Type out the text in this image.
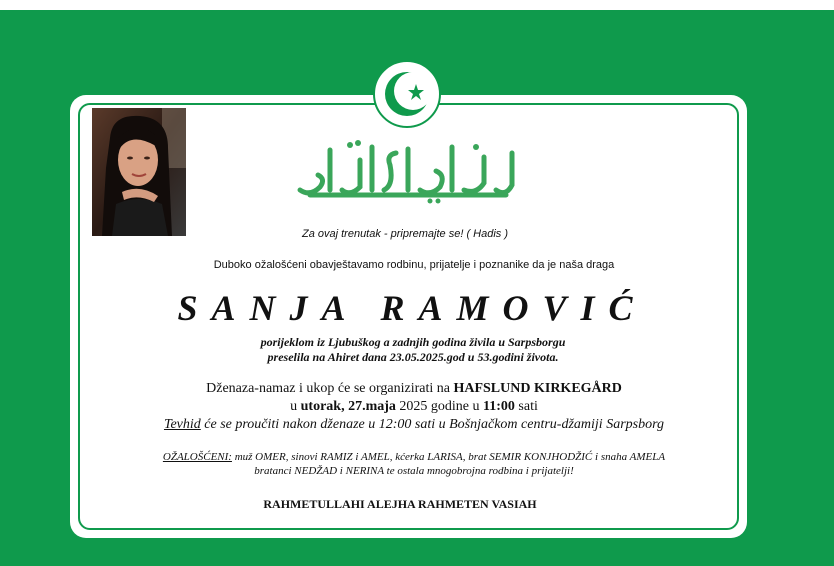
Za ovaj trenutak - pripremajte se! ( Hadis )
Duboko ožalošćeni obavještavamo rodbinu, prijatelje i poznanike da je naša draga
SANJA RAMOVIĆ
porijeklom iz Ljubuškog a zadnjih godina živila u Sarpsborgu
preselila na Ahiret dana 23.05.2025.god u 53.godini života.
Dženaza-namaz i ukop će se organizirati na HAFSLUND KIRKEGÅRD
u utorak, 27.maja 2025 godine u 11:00 sati
Tevhid će se proučiti nakon dženaze u 12:00 sati u Bošnjačkom centru-džamiji Sarpsborg
OŽALOŠĆENI: muž OMER, sinovi RAMIZ i AMEL, kćerka LARISA, brat SEMIR KONJHODŽIĆ i snaha AMELA
bratanci NEDŽAD i NERINA te ostala mnogobrojna rodbina i prijatelji!
RAHMETULLAHI ALEJHA RAHMETEN VASIAH
